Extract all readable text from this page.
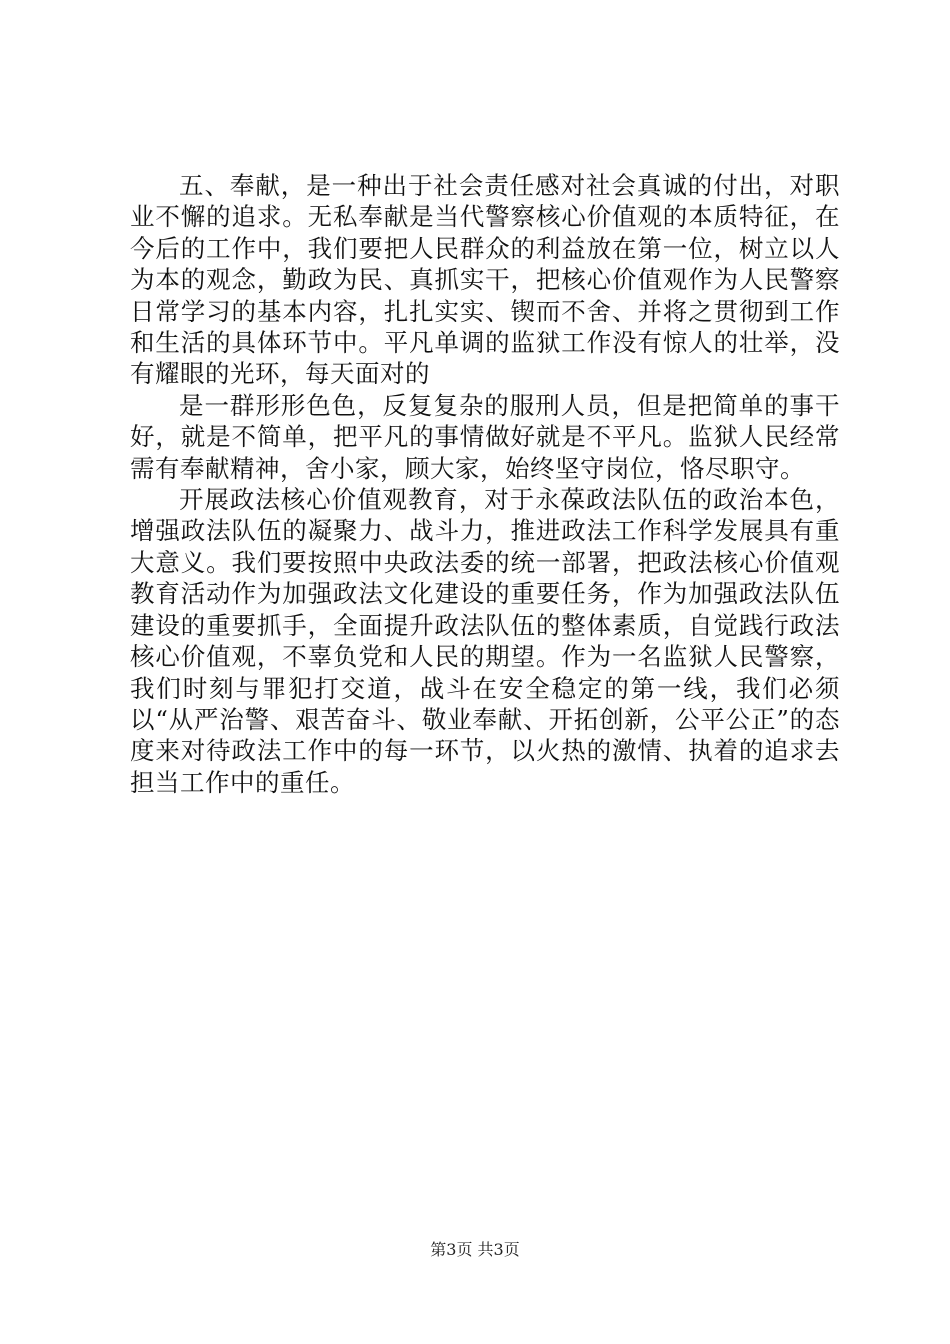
五、奉献，是一种出于社会责任感对社会真诚的付出，对职业不懈的追求。无私奉献是当代警察核心价值观的本质特征，在今后的工作中，我们要把人民群众的利益放在第一位，树立以人为本的观念，勤政为民、真抓实干，把核心价值观作为人民警察日常学习的基本内容，扎扎实实、锲而不舍、并将之贯彻到工作和生活的具体环节中。平凡单调的监狱工作没有惊人的壮举，没有耀眼的光环，每天面对的

是一群形形色色，反复复杂的服刑人员，但是把简单的事干好，就是不简单，把平凡的事情做好就是不平凡。监狱人民经常需有奉献精神，舍小家，顾大家，始终坚守岗位，恪尽职守。

开展政法核心价值观教育，对于永葆政法队伍的政治本色，增强政法队伍的凝聚力、战斗力，推进政法工作科学发展具有重大意义。我们要按照中央政法委的统一部署，把政法核心价值观教育活动作为加强政法文化建设的重要任务，作为加强政法队伍建设的重要抓手，全面提升政法队伍的整体素质，自觉践行政法核心价值观，不辜负党和人民的期望。作为一名监狱人民警察，我们时刻与罪犯打交道，战斗在安全稳定的第一线，我们必须以“从严治警、艰苦奋斗、敬业奉献、开拓创新，公平公正”的态度来对待政法工作中的每一环节，以火热的激情、执着的追求去担当工作中的重任。

第3页 共3页
